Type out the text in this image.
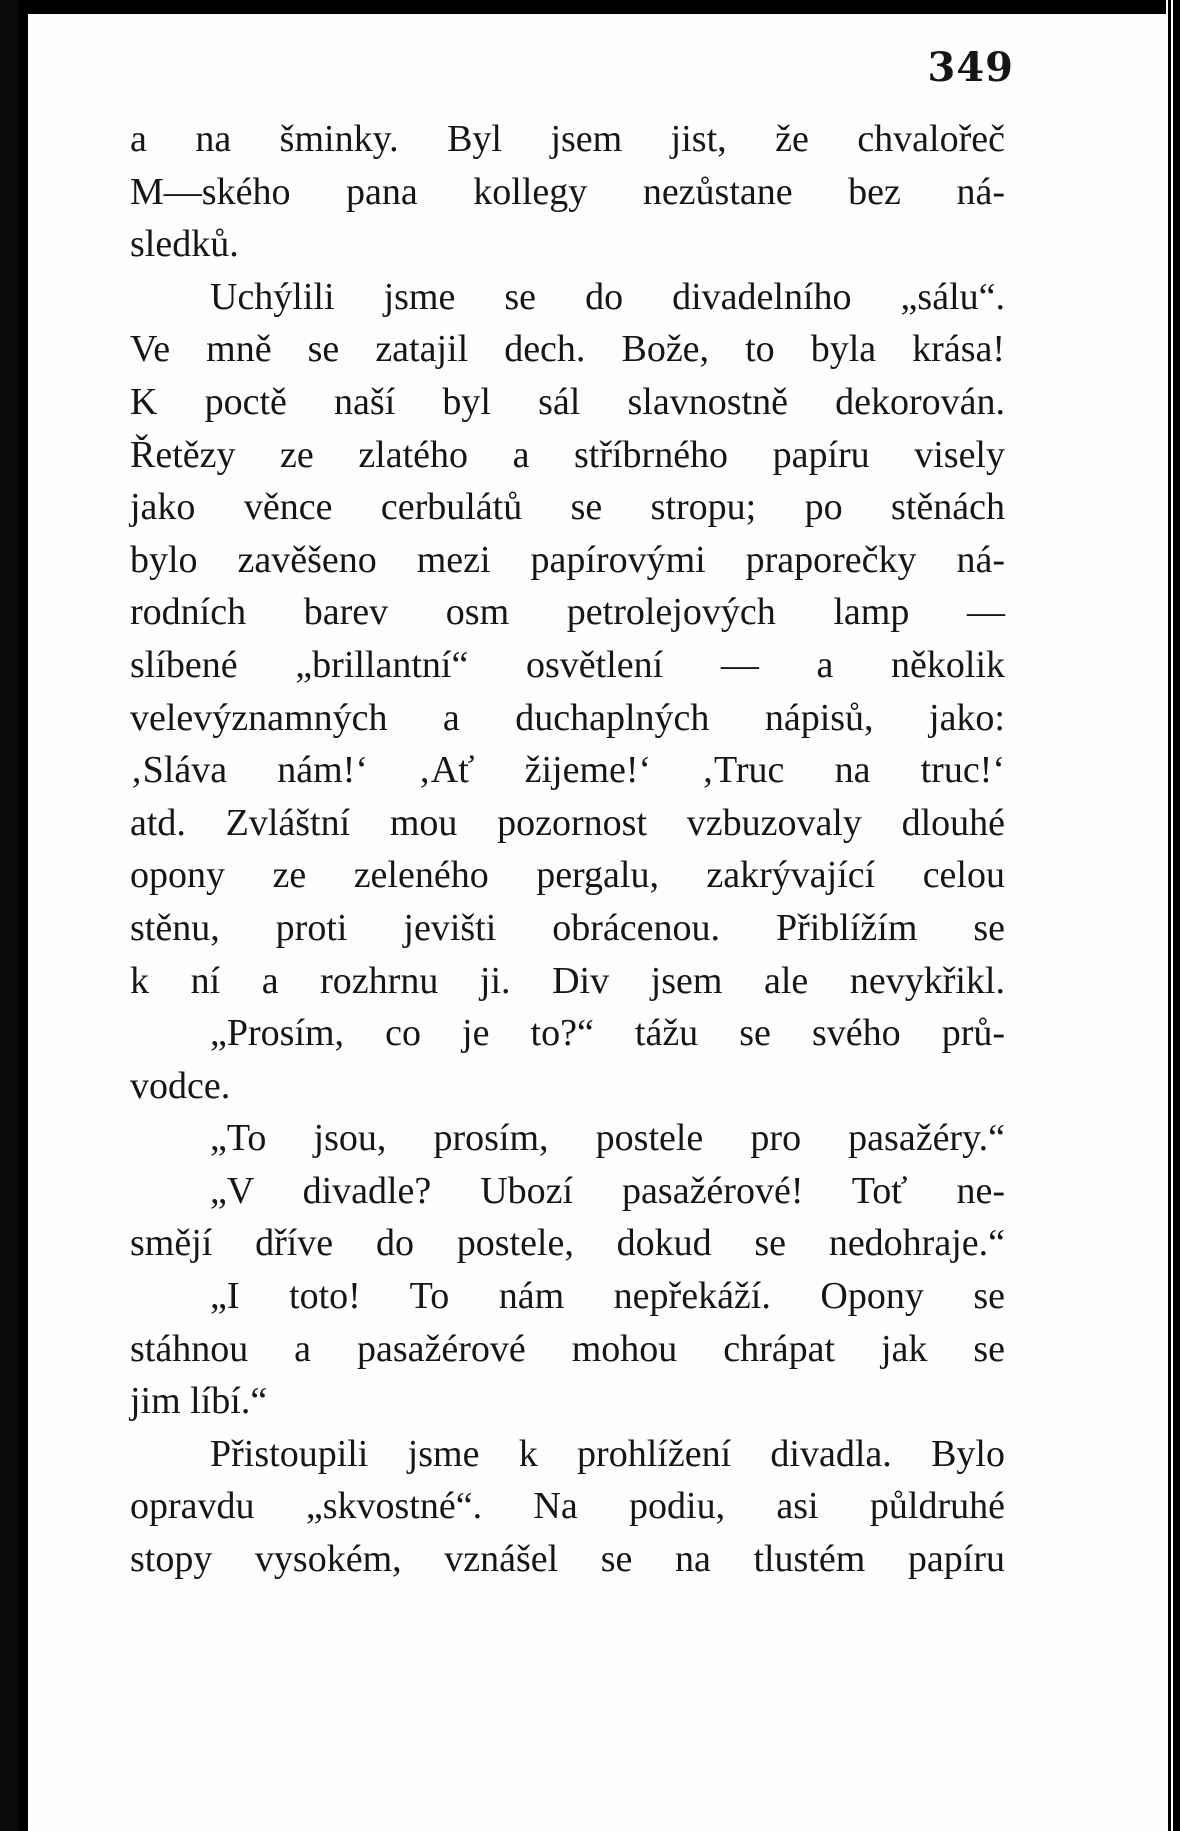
349
a na šminky. Byl jsem jist, že chvalořeč
M—ského pana kollegy nezůstane bez ná-
sledků.
Uchýlili jsme se do divadelního „sálu“.
Ve mně se zatajil dech. Bože, to byla krása!
K poctě naší byl sál slavnostně dekorován.
Řetězy ze zlatého a stříbrného papíru visely
jako věnce cerbulátů se stropu; po stěnách
bylo zavěšeno mezi papírovými praporečky ná-
rodních barev osm petrolejových lamp —
slíbené „brillantní“ osvětlení — a několik
velevýznamných a duchaplných nápisů, jako:
‚Sláva nám!‘ ‚Ať žijeme!‘ ‚Truc na truc!‘
atd. Zvláštní mou pozornost vzbuzovaly dlouhé
opony ze zeleného pergalu, zakrývající celou
stěnu, proti jevišti obrácenou. Přiblížím se
k ní a rozhrnu ji. Div jsem ale nevykřikl.
„Prosím, co je to?“ tážu se svého prů-
vodce.
„To jsou, prosím, postele pro pasažéry.“
„V divadle? Ubozí pasažérové! Toť ne-
smějí dříve do postele, dokud se nedohraje.“
„I toto! To nám nepřekáží. Opony se
stáhnou a pasažérové mohou chrápat jak se
jim líbí.“
Přistoupili jsme k prohlížení divadla. Bylo
opravdu „skvostné“. Na podiu, asi půldruhé
stopy vysokém, vznášel se na tlustém papíru
